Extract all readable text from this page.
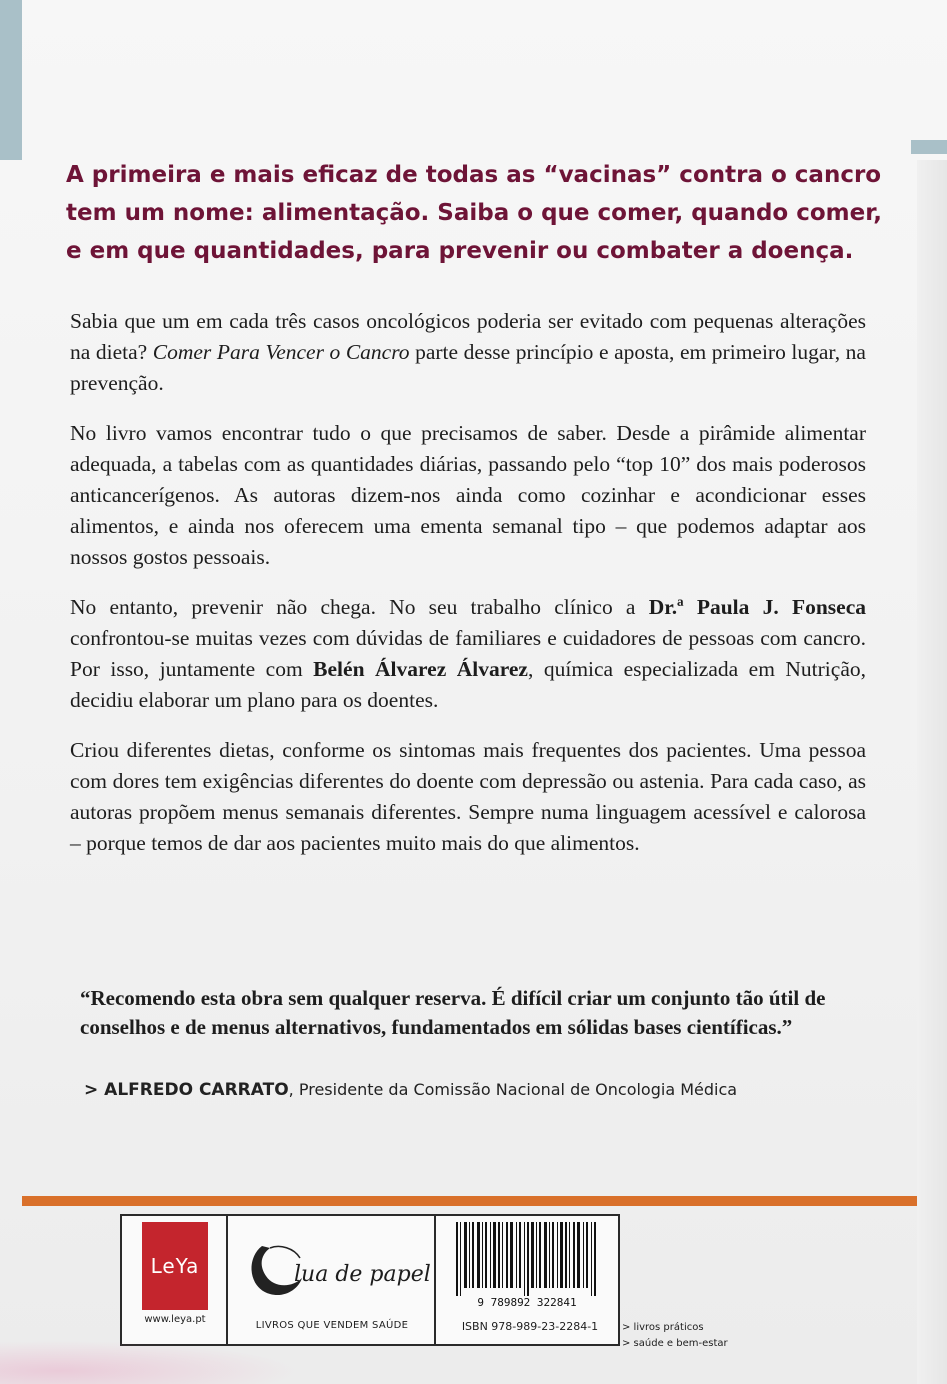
A primeira e mais eficaz de todas as “vacinas” contra o cancro tem um nome: alimentação. Saiba o que comer, quando comer, e em que quantidades, para prevenir ou combater a doença.

Sabia que um em cada três casos oncológicos poderia ser evitado com pequenas alterações na dieta? Comer Para Vencer o Cancro parte desse princípio e aposta, em primeiro lugar, na prevenção.

No livro vamos encontrar tudo o que precisamos de saber. Desde a pirâmide alimentar adequada, a tabelas com as quantidades diárias, passando pelo “top 10” dos mais poderosos anticancerígenos. As autoras dizem-nos ainda como cozinhar e acondicionar esses alimentos, e ainda nos oferecem uma ementa semanal tipo – que podemos adaptar aos nossos gostos pessoais.

No entanto, prevenir não chega. No seu trabalho clínico a Dr.ª Paula J. Fonseca confrontou-se muitas vezes com dúvidas de familiares e cuidadores de pessoas com cancro. Por isso, juntamente com Belén Álvarez Álvarez, química especializada em Nutrição, decidiu elaborar um plano para os doentes.

Criou diferentes dietas, conforme os sintomas mais frequentes dos pacientes. Uma pessoa com dores tem exigências diferentes do doente com depressão ou astenia. Para cada caso, as autoras propõem menus semanais diferentes. Sempre numa linguagem acessível e calorosa – porque temos de dar aos pacientes muito mais do que alimentos.

“Recomendo esta obra sem qualquer reserva. É difícil criar um conjunto tão útil de conselhos e de menus alternativos, fundamentados em sólidas bases científicas.”

> ALFREDO CARRATO, Presidente da Comissão Nacional de Oncologia Médica
LeYa
www.leya.pt
lua de papel
LIVROS QUE VENDEM SAÚDE
9 789892 322841
ISBN 978-989-23-2284-1	> livros práticos
> saúde e bem-estar
